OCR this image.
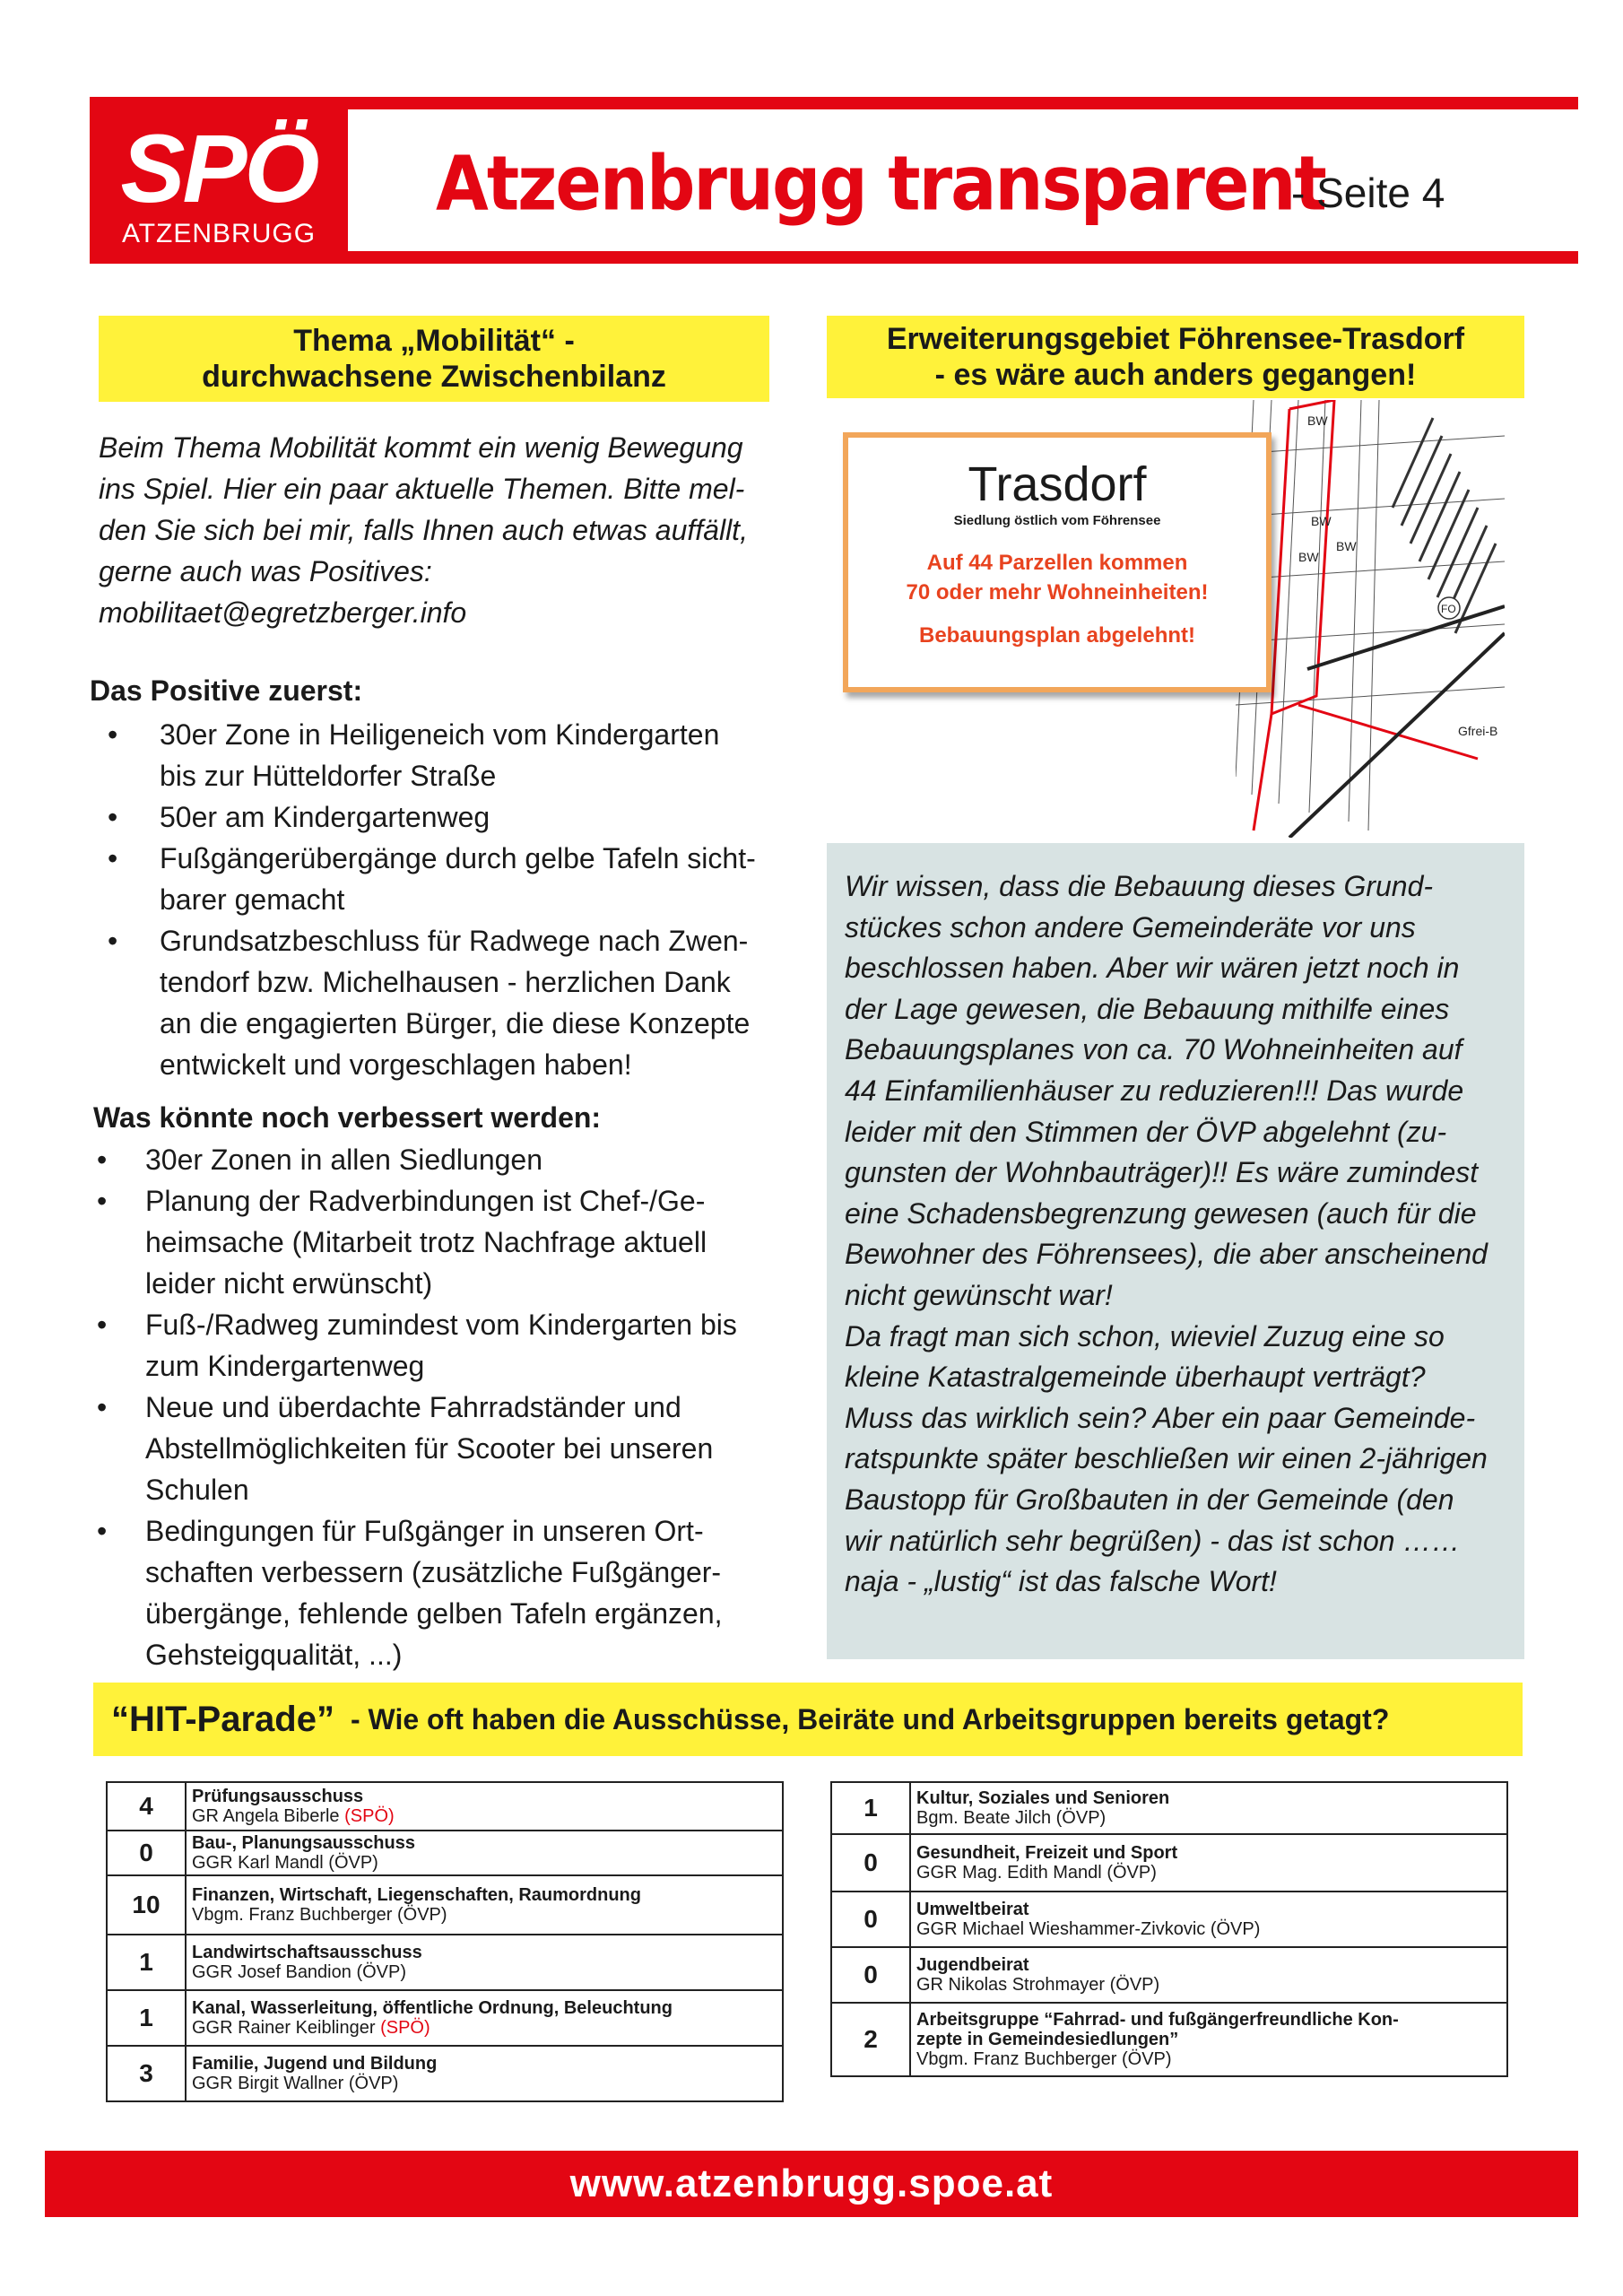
SPÖ
ATZENBRUGG
Atzenbrugg transparent
- Seite 4
Thema „Mobilität“ - durchwachsene Zwischenbilanz

Beim Thema Mobilität kommt ein wenig Bewegung

ins Spiel. Hier ein paar aktuelle Themen. Bitte mel-

den Sie sich bei mir, falls Ihnen auch etwas auffällt,

gerne auch was Positives:

mobilitaet@egretzberger.info

Das Positive zuerst:
• 30er Zone in Heiligeneich vom Kindergarten
bis zur Hütteldorfer Straße
• 50er am Kindergartenweg
• Fußgängerübergänge durch gelbe Tafeln sicht-
barer gemacht
• Grundsatzbeschluss für Radwege nach Zwen-
tendorf bzw. Michelhausen - herzlichen Dank
an die engagierten Bürger, die diese Konzepte
entwickelt und vorgeschlagen haben!
Was könnte noch verbessert werden:
• 30er Zonen in allen Siedlungen
• Planung der Radverbindungen ist Chef-/Ge-
heimsache (Mitarbeit trotz Nachfrage aktuell
leider nicht erwünscht)
• Fuß-/Radweg zumindest vom Kindergarten bis
zum Kindergartenweg
• Neue und überdachte Fahrradständer und
Abstellmöglichkeiten für Scooter bei unseren
Schulen
• Bedingungen für Fußgänger in unseren Ort-
schaften verbessern (zusätzliche Fußgänger-
übergänge, fehlende gelben Tafeln ergänzen,
Gehsteigqualität, ...)
Erweiterungsgebiet Föhrensee-Trasdorf
- es wäre auch anders gegangen!
BW
BW
BW
BW
FO
Gfrei-B
Trasdorf
Siedlung östlich vom Föhrensee
Auf 44 Parzellen kommen
70 oder mehr Wohneinheiten!
Bebauungsplan abgelehnt!

Wir wissen, dass die Bebauung dieses Grund-

stückes schon andere Gemeinderäte vor uns

beschlossen haben. Aber wir wären jetzt noch in

der Lage gewesen, die Bebauung mithilfe eines

Bebauungsplanes von ca. 70 Wohneinheiten auf

44 Einfamilienhäuser zu reduzieren!!! Das wurde

leider mit den Stimmen der ÖVP abgelehnt (zu-

gunsten der Wohnbauträger)!! Es wäre zumindest

eine Schadensbegrenzung gewesen (auch für die

Bewohner des Föhrensees), die aber anscheinend

nicht gewünscht war!

Da fragt man sich schon, wieviel Zuzug eine so

kleine Katastralgemeinde überhaupt verträgt?

Muss das wirklich sein? Aber ein paar Gemeinde-

ratspunkte später beschließen wir einen 2-jährigen

Baustopp für Großbauten in der Gemeinde (den

wir natürlich sehr begrüßen) - das ist schon ……

naja - „lustig“ ist das falsche Wort!

“HIT-Parade” - Wie oft haben die Ausschüsse, Beiräte und Arbeitsgruppen bereits getagt?
4	Prüfungsausschuss
GR Angela Biberle (SPÖ)

0	Bau-, Planungsausschuss
GGR Karl Mandl (ÖVP)

10	Finanzen, Wirtschaft, Liegenschaften, Raumordnung
Vbgm. Franz Buchberger (ÖVP)

1	Landwirtschaftsausschuss
GGR Josef Bandion (ÖVP)

1	Kanal, Wasserleitung, öffentliche Ordnung, Beleuchtung
GGR Rainer Keiblinger (SPÖ)

3	Familie, Jugend und Bildung
GGR Birgit Wallner (ÖVP)
1	Kultur, Soziales und Senioren
Bgm. Beate Jilch (ÖVP)

0	Gesundheit, Freizeit und Sport
GGR Mag. Edith Mandl (ÖVP)

0	Umweltbeirat
GGR Michael Wieshammer-Zivkovic (ÖVP)

0	Jugendbeirat
GR Nikolas Strohmayer (ÖVP)

2	Arbeitsgruppe “Fahrrad- und fußgängerfreundliche Kon-
zepte in Gemeindesiedlungen”
Vbgm. Franz Buchberger (ÖVP)
www.atzenbrugg.spoe.at
